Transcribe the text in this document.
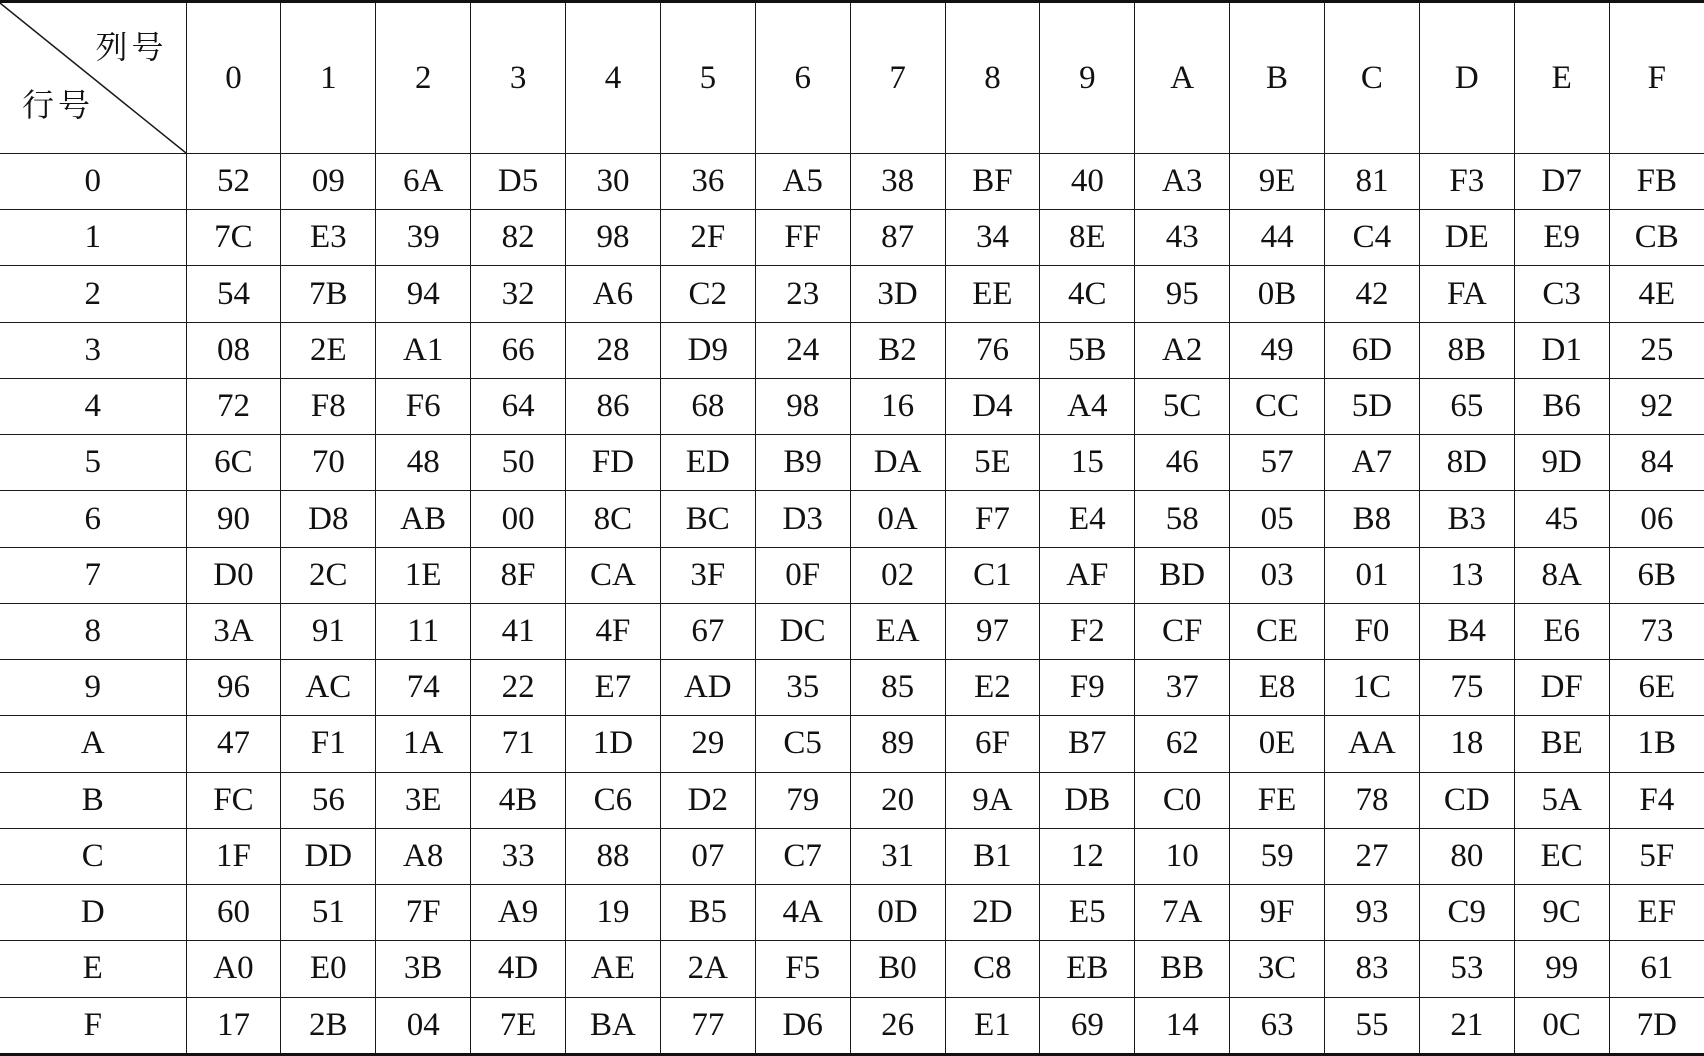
列号
行号	0	1	2	3	4	5	6	7	8	9	A	B	C	D	E	F
0	52	09	6A	D5	30	36	A5	38	BF	40	A3	9E	81	F3	D7	FB
1	7C	E3	39	82	98	2F	FF	87	34	8E	43	44	C4	DE	E9	CB
2	54	7B	94	32	A6	C2	23	3D	EE	4C	95	0B	42	FA	C3	4E
3	08	2E	A1	66	28	D9	24	B2	76	5B	A2	49	6D	8B	D1	25
4	72	F8	F6	64	86	68	98	16	D4	A4	5C	CC	5D	65	B6	92
5	6C	70	48	50	FD	ED	B9	DA	5E	15	46	57	A7	8D	9D	84
6	90	D8	AB	00	8C	BC	D3	0A	F7	E4	58	05	B8	B3	45	06
7	D0	2C	1E	8F	CA	3F	0F	02	C1	AF	BD	03	01	13	8A	6B
8	3A	91	11	41	4F	67	DC	EA	97	F2	CF	CE	F0	B4	E6	73
9	96	AC	74	22	E7	AD	35	85	E2	F9	37	E8	1C	75	DF	6E
A	47	F1	1A	71	1D	29	C5	89	6F	B7	62	0E	AA	18	BE	1B
B	FC	56	3E	4B	C6	D2	79	20	9A	DB	C0	FE	78	CD	5A	F4
C	1F	DD	A8	33	88	07	C7	31	B1	12	10	59	27	80	EC	5F
D	60	51	7F	A9	19	B5	4A	0D	2D	E5	7A	9F	93	C9	9C	EF
E	A0	E0	3B	4D	AE	2A	F5	B0	C8	EB	BB	3C	83	53	99	61
F	17	2B	04	7E	BA	77	D6	26	E1	69	14	63	55	21	0C	7D
